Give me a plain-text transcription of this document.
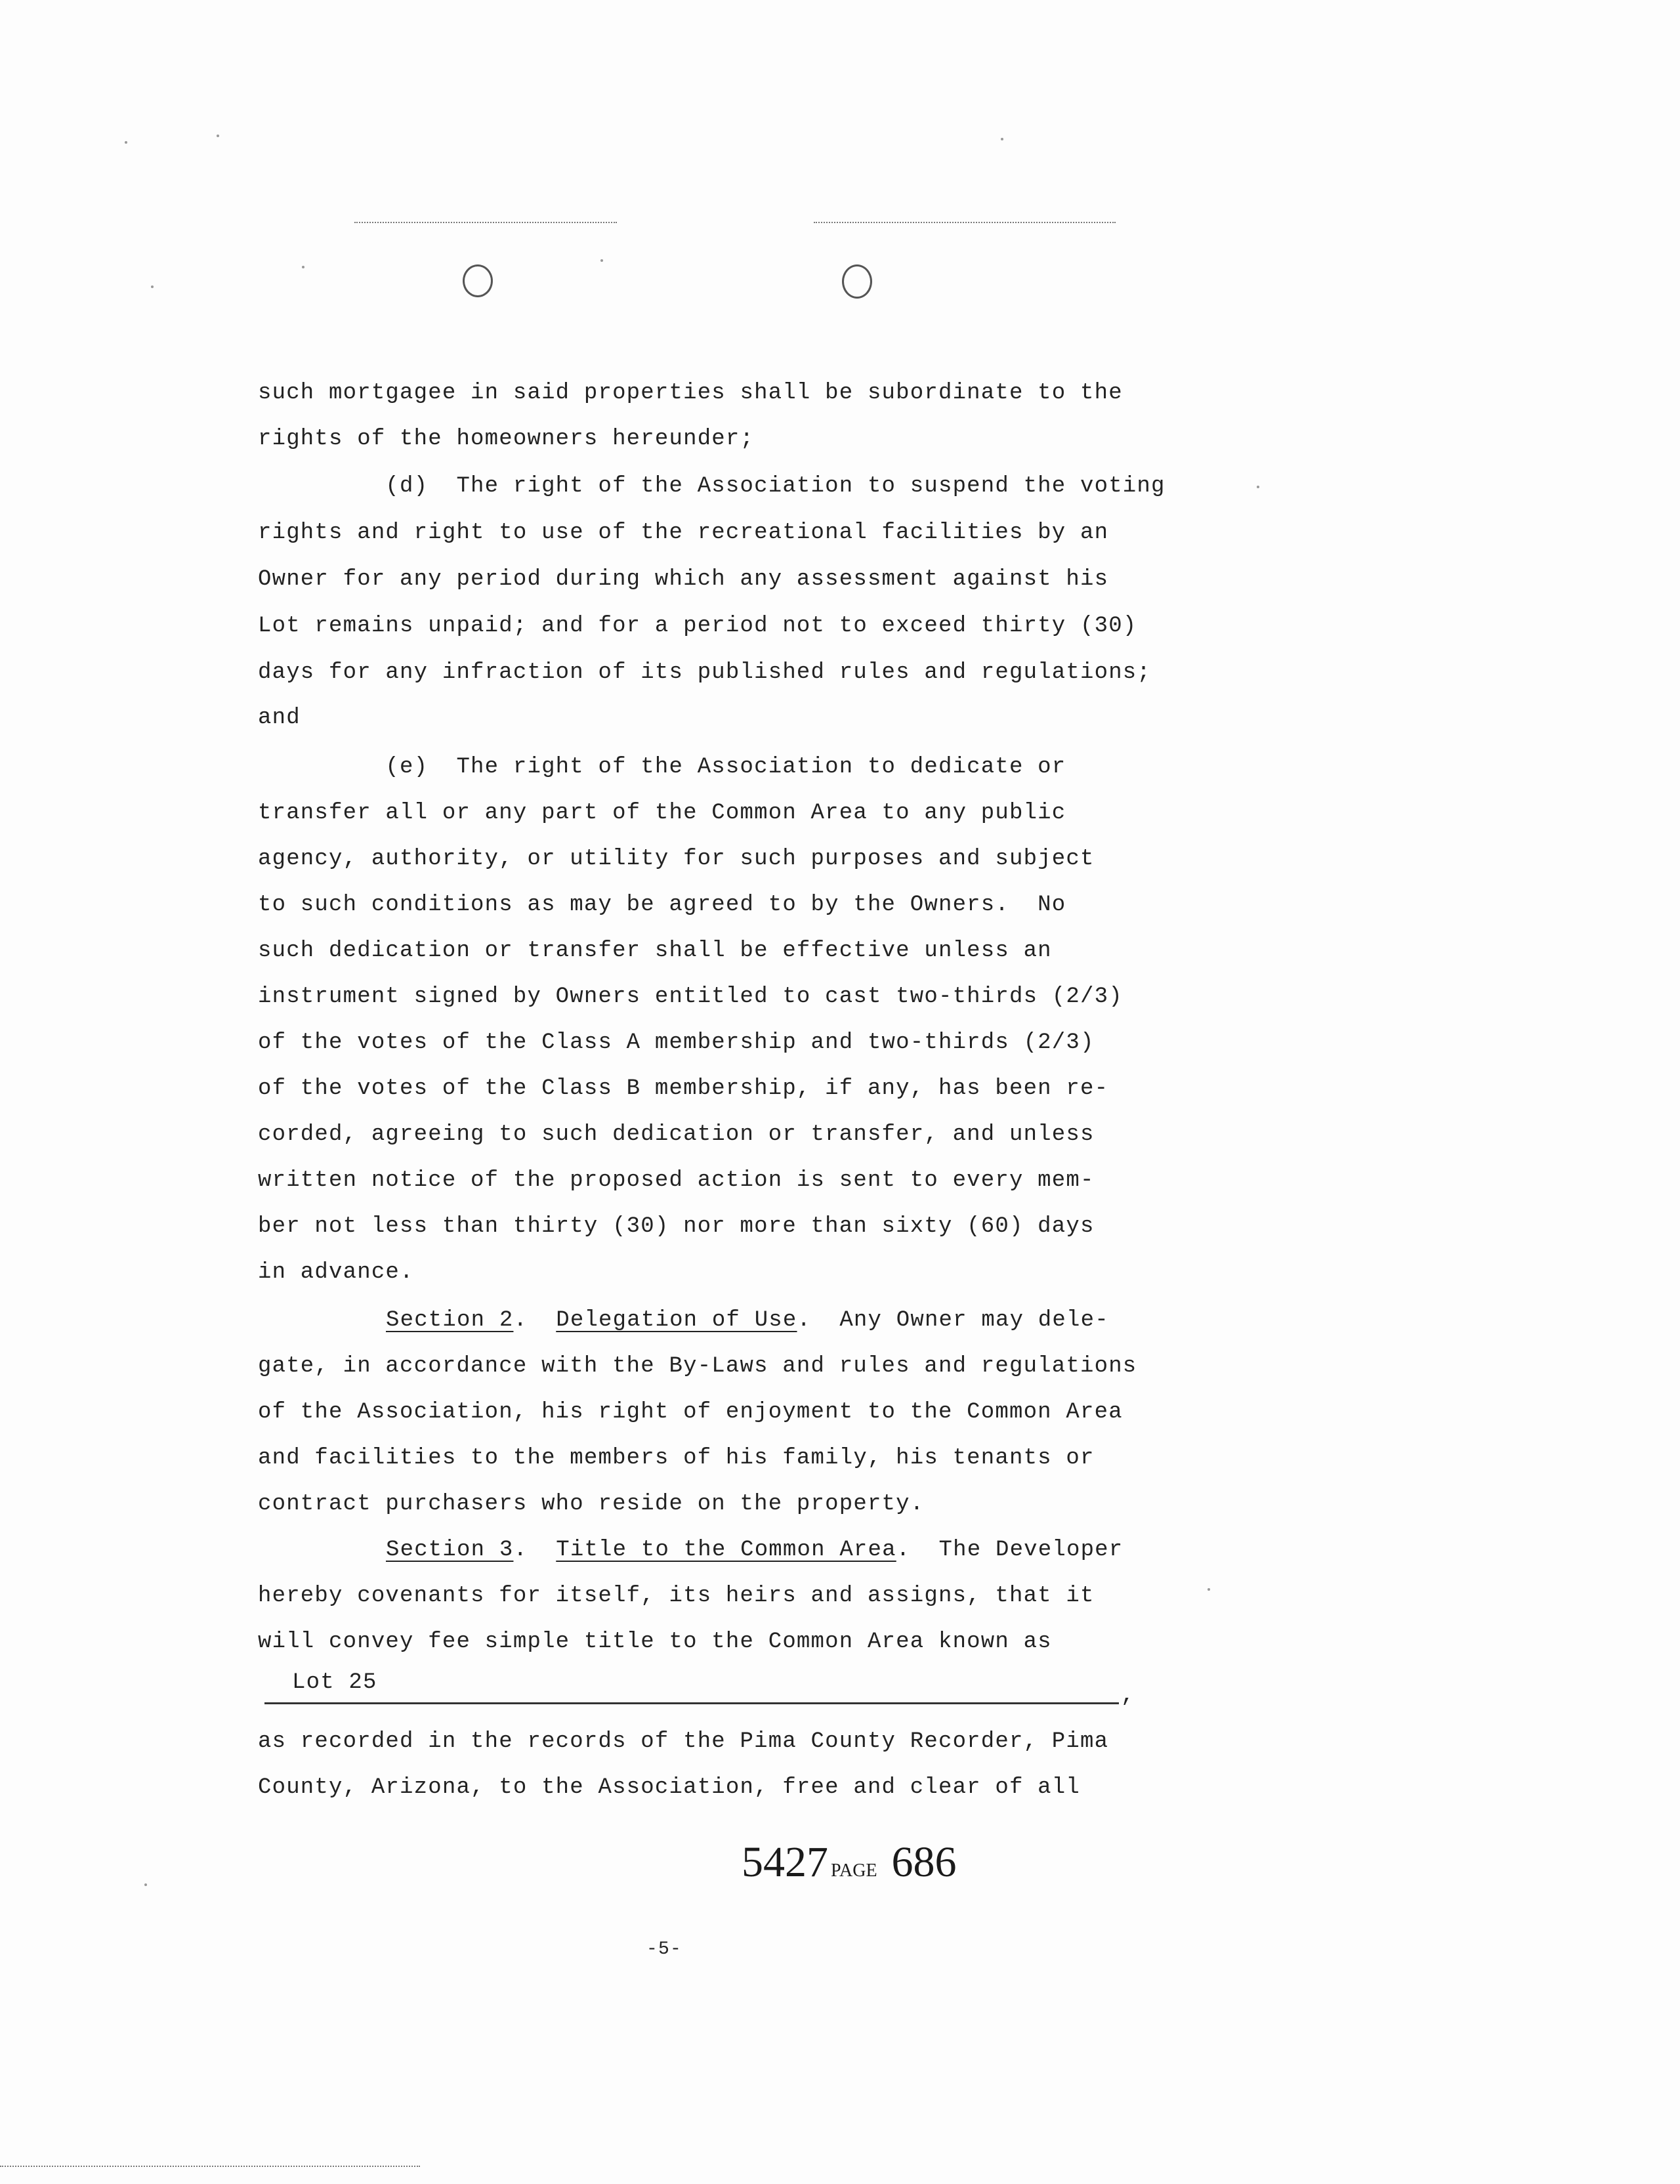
such mortgagee in said properties shall be subordinate to the
rights of the homeowners hereunder;
(d)  The right of the Association to suspend the voting
rights and right to use of the recreational facilities by an
Owner for any period during which any assessment against his
Lot remains unpaid; and for a period not to exceed thirty (30)
days for any infraction of its published rules and regulations;
and
(e)  The right of the Association to dedicate or
transfer all or any part of the Common Area to any public
agency, authority, or utility for such purposes and subject
to such conditions as may be agreed to by the Owners.  No
such dedication or transfer shall be effective unless an
instrument signed by Owners entitled to cast two-thirds (2/3)
of the votes of the Class A membership and two-thirds (2/3)
of the votes of the Class B membership, if any, has been re-
corded, agreeing to such dedication or transfer, and unless
written notice of the proposed action is sent to every mem-
ber not less than thirty (30) nor more than sixty (60) days
in advance.
Section 2.  Delegation of Use.  Any Owner may dele-
gate, in accordance with the By-Laws and rules and regulations
of the Association, his right of enjoyment to the Common Area
and facilities to the members of his family, his tenants or
contract purchasers who reside on the property.
Section 3.  Title to the Common Area.  The Developer
hereby covenants for itself, its heirs and assigns, that it
will convey fee simple title to the Common Area known as
Lot 25
,
as recorded in the records of the Pima County Recorder, Pima
County, Arizona, to the Association, free and clear of all
5427 PAGE 686
-5-
